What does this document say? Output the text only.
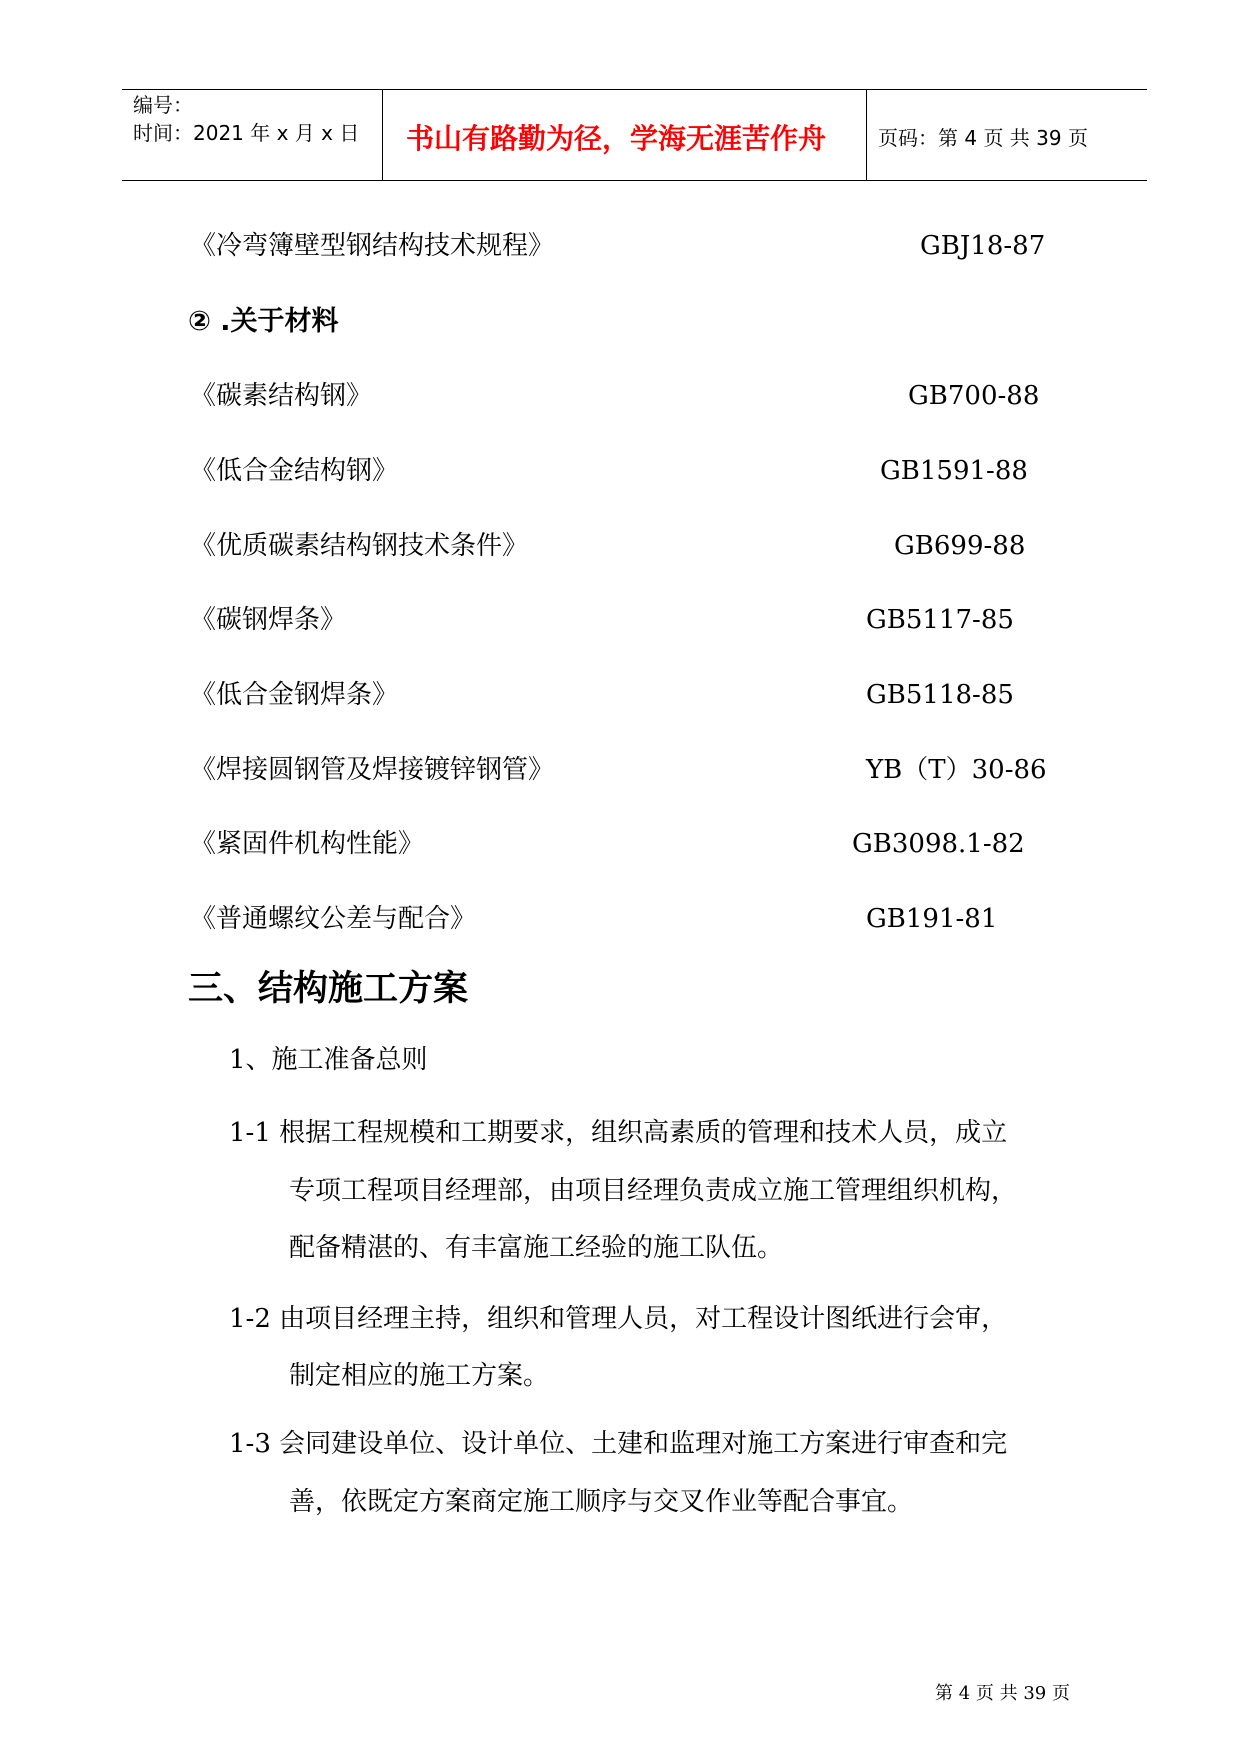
编号：
时间：2021 年 x 月 x 日 书山有路勤为径，学海无涯苦作舟	页码：第 4 页 共 39 页
《冷弯簿壁型钢结构技术规程》	GBJ18-87
② .关于材料
《碳素结构钢》	GB700-88
《低合金结构钢》	GB1591-88
《优质碳素结构钢技术条件》	GB699-88
《碳钢焊条》	GB5117-85
《低合金钢焊条》	GB5118-85
《焊接圆钢管及焊接镀锌钢管》	YB（T）30-86
《紧固件机构性能》	GB3098.1-82
《普通螺纹公差与配合》	GB191-81
三、结构施工方案
1、施工准备总则
1-1 根据工程规模和工期要求，组织高素质的管理和技术人员，成立
专项工程项目经理部，由项目经理负责成立施工管理组织机构，
配备精湛的、有丰富施工经验的施工队伍。
1-2 由项目经理主持，组织和管理人员，对工程设计图纸进行会审，
制定相应的施工方案。
1-3 会同建设单位、设计单位、土建和监理对施工方案进行审查和完
善，依既定方案商定施工顺序与交叉作业等配合事宜。
第 4 页 共 39 页
